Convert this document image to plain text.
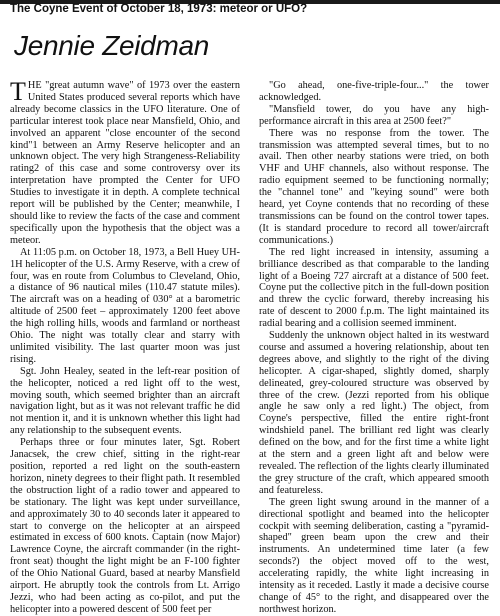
The Coyne Event of October 18, 1973: meteor or UFO?
Jennie Zeidman

THE "great autumn wave" of 1973 over the eastern United States produced several reports which have already become classics in the UFO literature. One of particular interest took place near Mansfield, Ohio, and involved an apparent "close encounter of the second kind"1 between an Army Reserve helicopter and an unknown object. The very high Strangeness-Reliability rating2 of this case and some controversy over its interpretation have prompted the Center for UFO Studies to investigate it in depth. A complete technical report will be published by the Center; meanwhile, I should like to review the facts of the case and comment specifically upon the hypothesis that the object was a meteor.

At 11:05 p.m. on October 18, 1973, a Bell Huey UH-1H helicopter of the U.S. Army Reserve, with a crew of four, was en route from Columbus to Cleveland, Ohio, a distance of 96 nautical miles (110.47 statute miles). The aircraft was on a heading of 030° at a barometric altitude of 2500 feet – approximately 1200 feet above the high rolling hills, woods and farmland or northeast Ohio. The night was totally clear and starry with unlimited visibility. The last quarter moon was just rising.

Sgt. John Healey, seated in the left-rear position of the helicopter, noticed a red light off to the west, moving south, which seemed brighter than an aircraft navigation light, but as it was not relevant traffic he did not mention it, and it is unknown whether this light had any relationship to the subsequent events.

Perhaps three or four minutes later, Sgt. Robert Janacsek, the crew chief, sitting in the right-rear position, reported a red light on the south-eastern horizon, ninety degrees to their flight path. It resembled the obstruction light of a radio tower and appeared to be stationary. The light was kept under surveillance, and approximately 30 to 40 seconds later it appeared to start to converge on the helicopter at an airspeed estimated in excess of 600 knots. Captain (now Major) Lawrence Coyne, the aircraft commander (in the right-front seat) thought the light might be an F-100 fighter of the Ohio National Guard, based at nearby Mansfield airport. He abruptly took the controls from Lt. Arrigo Jezzi, who had been acting as co-pilot, and put the helicopter into a powered descent of 500 feet per

"Go ahead, one-five-triple-four..." the tower acknowledged.

"Mansfield tower, do you have any high-performance aircraft in this area at 2500 feet?"

There was no response from the tower. The transmission was attempted several times, but to no avail. Then other nearby stations were tried, on both VHF and UHF channels, also without response. The radio equipment seemed to be functioning normally; the "channel tone" and "keying sound" were both heard, yet Coyne contends that no recording of these transmissions can be found on the control tower tapes. (It is standard procedure to record all tower/aircraft communications.)

The red light increased in intensity, assuming a brilliance described as that comparable to the landing light of a Boeing 727 aircraft at a distance of 500 feet. Coyne put the collective pitch in the full-down position and threw the cyclic forward, thereby increasing his rate of descent to 2000 f.p.m. The light maintained its radial bearing and a collision seemed imminent.

Suddenly the unknown object halted in its westward course and assumed a hovering relationship, about ten degrees above, and slightly to the right of the diving helicopter. A cigar-shaped, slightly domed, sharply delineated, grey-coloured structure was observed by three of the crew. (Jezzi reported from his oblique angle he saw only a red light.) The object, from Coyne's perspective, filled the entire right-front windshield panel. The brilliant red light was clearly defined on the bow, and for the first time a white light at the stern and a green light aft and below were revealed. The reflection of the lights clearly illuminated the grey structure of the craft, which appeared smooth and featureless.

The green light swung around in the manner of a directional spotlight and beamed into the helicopter cockpit with seeming deliberation, casting a "pyramid-shaped" green beam upon the crew and their instruments. An undetermined time later (a few seconds?) the object moved off to the west, accelerating rapidly, the white light increasing in intensity as it receded. Lastly it made a decisive course change of 45° to the right, and disappeared over the northwest horizon.
